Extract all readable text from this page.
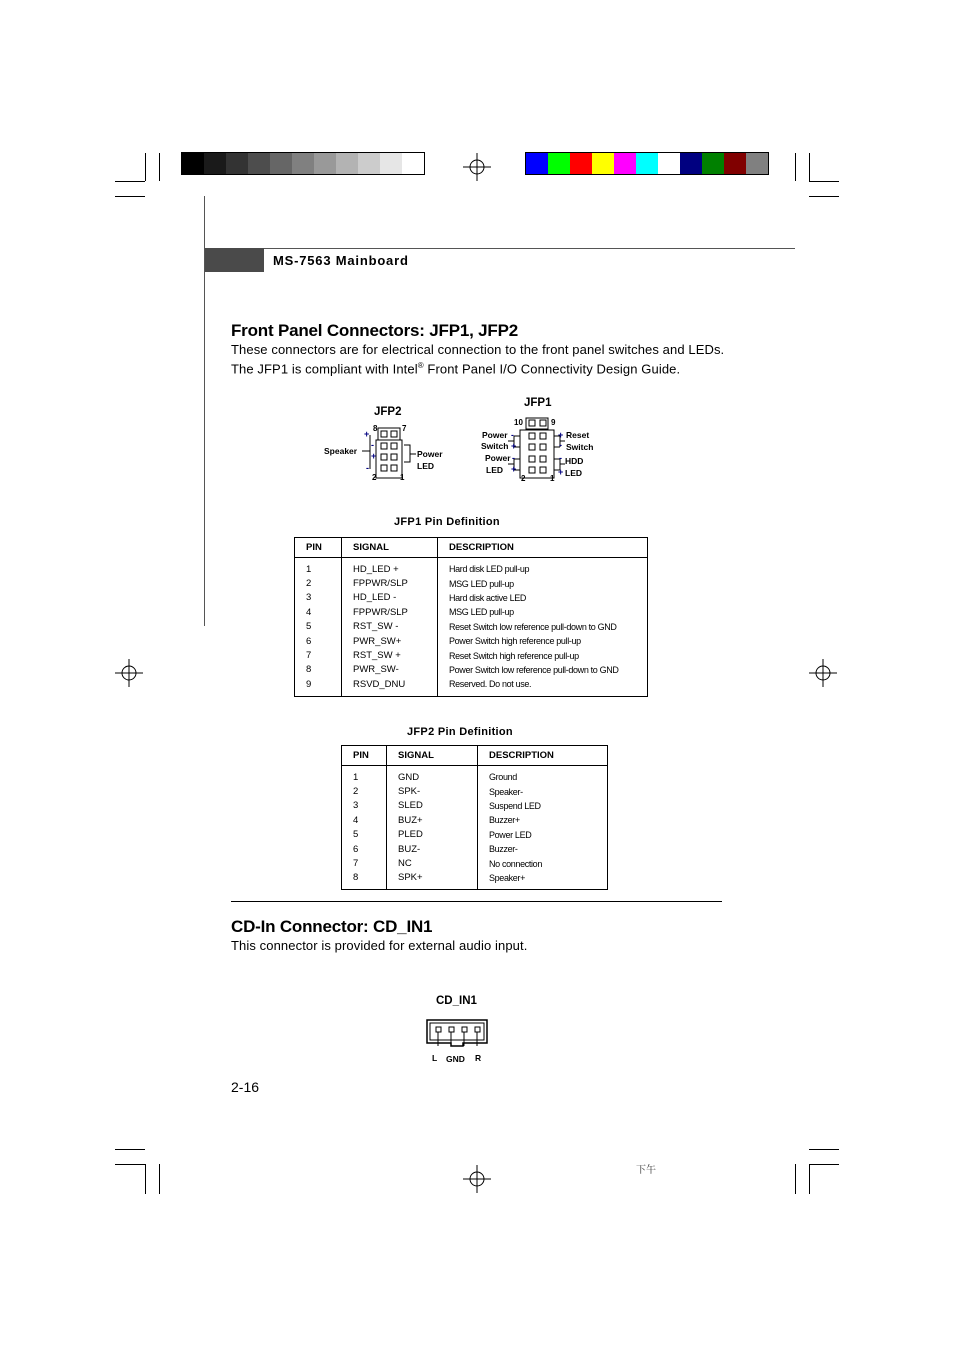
MS-7563 Mainboard
Front Panel Connectors: JFP1, JFP2
These connectors are for electrical connection to the front panel switches and LEDs.
The JFP1 is compliant with Intel® Front Panel I/O Connectivity Design Guide.
JFP2
8	7
+
-
+
-
Speaker	Power
LED
2	1
JFP1
10	9
-
+
-
+
+
-
-
+
Power
Switch
Power
LED
Reset
Switch
HDD
LED
2	1
JFP1 Pin Definition
PIN	SIGNAL	DESCRIPTION
1	HD_LED +	Hard disk LED pull-up
2	FPPWR/SLP	MSG LED pull-up
3	HD_LED -	Hard disk active LED
4	FPPWR/SLP	MSG LED pull-up
5	RST_SW -	Reset Switch low reference pull-down to GND
6	PWR_SW+	Power Switch high reference pull-up
7	RST_SW +	Reset Switch high reference pull-up
8	PWR_SW-	Power Switch low reference pull-down to GND
9	RSVD_DNU	Reserved. Do not use.
JFP2 Pin Definition
PIN	SIGNAL	DESCRIPTION
1	GND	Ground
2	SPK-	Speaker-
3	SLED	Suspend LED
4	BUZ+	Buzzer+
5	PLED	Power LED
6	BUZ-	Buzzer-
7	NC	No connection
8	SPK+	Speaker+
CD-In Connector: CD_IN1
This connector is provided for external audio input.
CD_IN1
L GND R
2-16
下午
